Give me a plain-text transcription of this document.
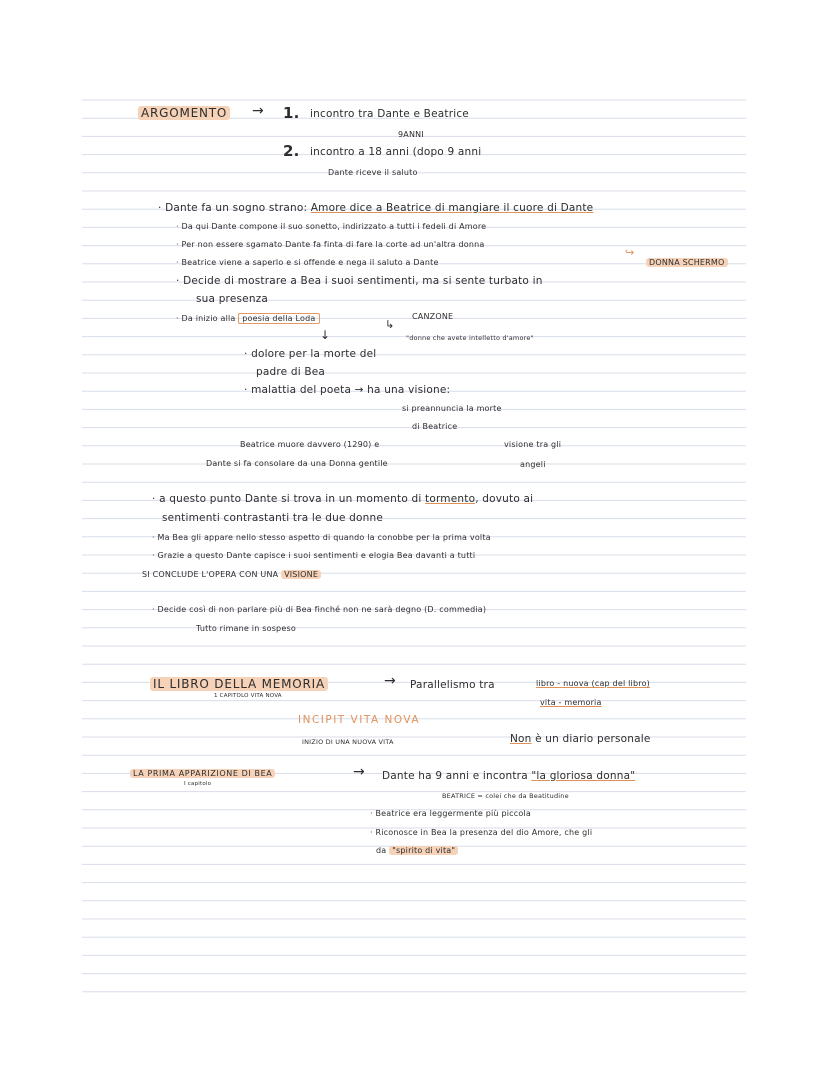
ARGOMENTO → 1. incontro tra Dante e Beatrice
9ANNI
2. incontro a 18 anni (dopo 9 anni
Dante riceve il saluto
· Dante fa un sogno strano: Amore dice a Beatrice di mangiare il cuore di Dante
· Da qui Dante compone il suo sonetto, indirizzato a tutti i fedeli di Amore
· Per non essere sgamato Dante fa finta di fare la corte ad un'altra donna
· Beatrice viene a saperlo e si offende e nega il saluto a Dante
↪
DONNA SCHERMO
· Decide di mostrare a Bea i suoi sentimenti, ma si sente turbato in
sua presenza
· Da inizio alla poesia della Loda	CANZONE
↳
"donne che avete intelletto d'amore"
↓
· dolore per la morte del
padre di Bea
· malattia del poeta → ha una visione:
si preannuncia la morte
di Beatrice
Beatrice muore davvero (1290) e
Dante si fa consolare da una Donna gentile
visione tra gli
angeli
· a questo punto Dante si trova in un momento di tormento, dovuto ai
sentimenti contrastanti tra le due donne
· Ma Bea gli appare nello stesso aspetto di quando la conobbe per la prima volta
· Grazie a questo Dante capisce i suoi sentimenti e elogia Bea davanti a tutti
SI CONCLUDE L'OPERA CON UNA VISIONE
· Decide così di non parlare più di Bea finché non ne sarà degno (D. commedia)
Tutto rimane in sospeso
IL LIBRO DELLA MEMORIA
1 CAPITOLO VITA NOVA
→ Parallelismo tra	libro - nuova (cap del libro)
vita - memoria
INCIPIT VITA NOVA
INIZIO DI UNA NUOVA VITA	Non è un diario personale
LA PRIMA APPARIZIONE DI BEA
I capitolo
→ Dante ha 9 anni e incontra "la gloriosa donna"
BEATRICE = colei che da Beatitudine
· Beatrice era leggermente più piccola
· Riconosce in Bea la presenza del dio Amore, che gli
da "spirito di vita"
